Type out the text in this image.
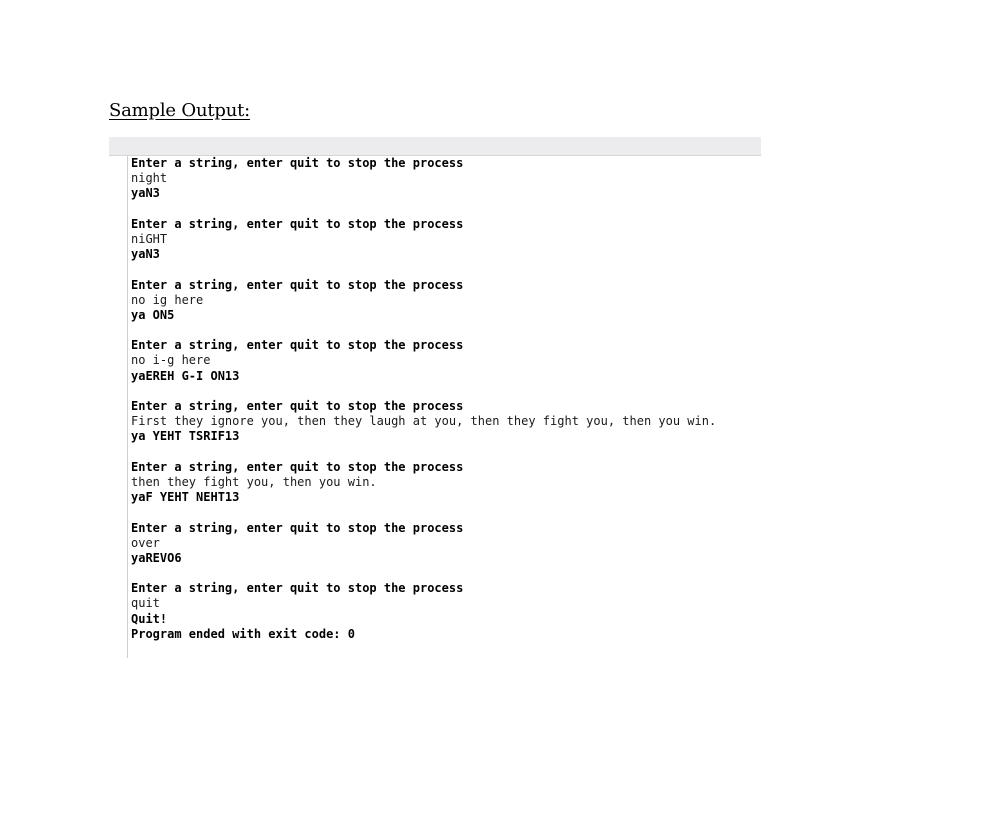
Sample Output:
Enter a string, enter quit to stop the process
night
yaN3
Enter a string, enter quit to stop the process
niGHT
yaN3
Enter a string, enter quit to stop the process
no ig here
ya ON5
Enter a string, enter quit to stop the process
no i-g here
yaEREH G-I ON13
Enter a string, enter quit to stop the process
First they ignore you, then they laugh at you, then they fight you, then you win.
ya YEHT TSRIF13
Enter a string, enter quit to stop the process
then they fight you, then you win.
yaF YEHT NEHT13
Enter a string, enter quit to stop the process
over
yaREVO6
Enter a string, enter quit to stop the process
quit
Quit!
Program ended with exit code: 0
